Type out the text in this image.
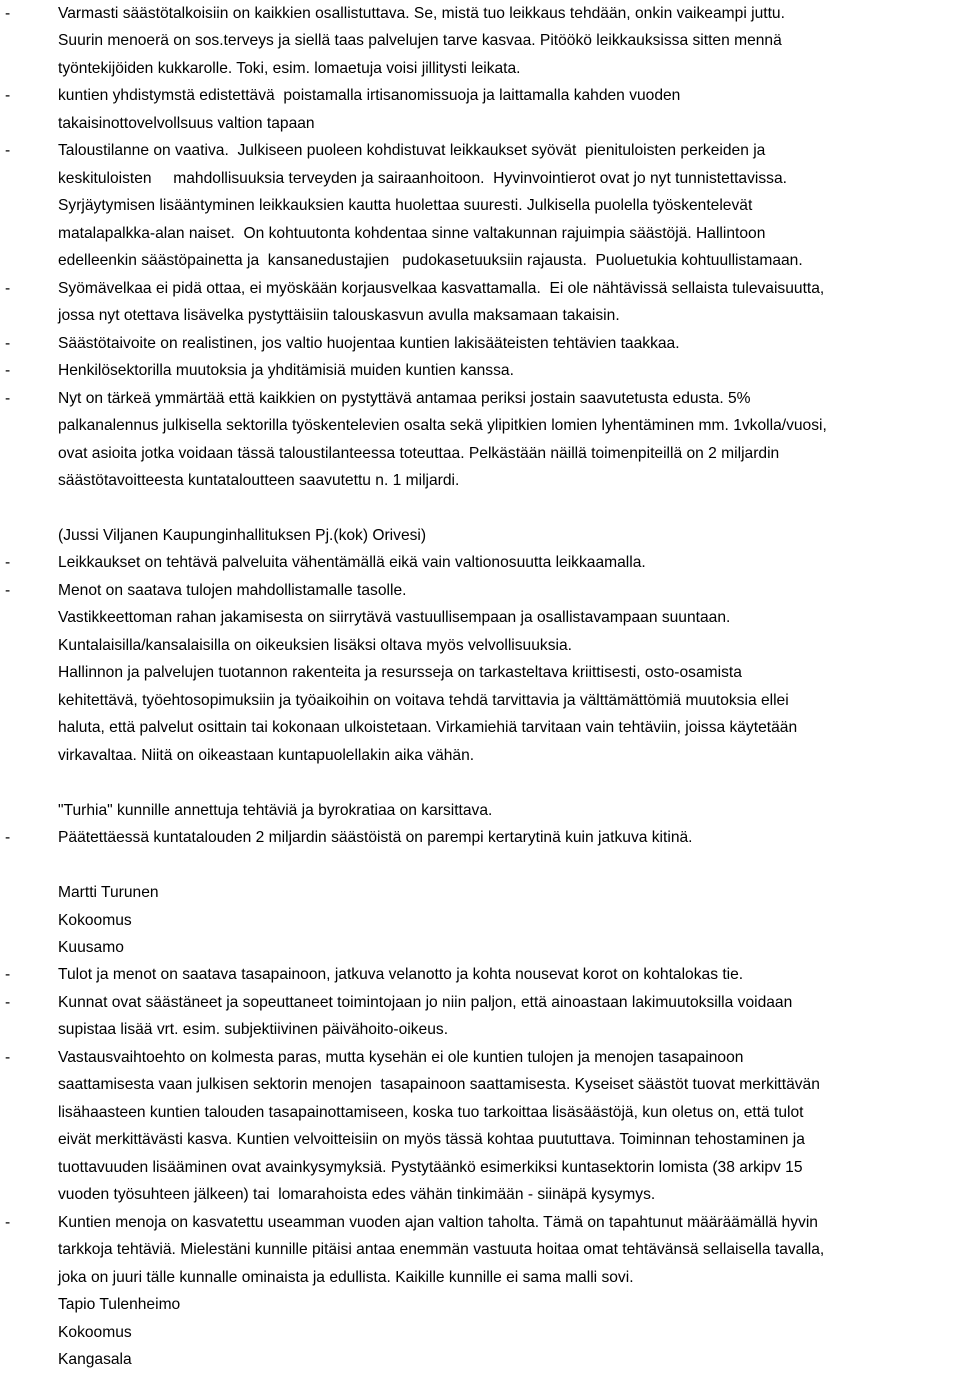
-	Varmasti säästötalkoisiin on kaikkien osallistuttava. Se, mistä tuo leikkaus tehdään, onkin vaikeampi juttu.
Suurin menoerä on sos.terveys ja siellä taas palvelujen tarve kasvaa. Pitöökö leikkauksissa sitten mennä
työntekijöiden kukkarolle. Toki, esim. lomaetuja voisi jillitysti leikata.
-	kuntien yhdistymstä edistettävä  poistamalla irtisanomissuoja ja laittamalla kahden vuoden
takaisinottovelvollsuus valtion tapaan
-	Taloustilanne on vaativa.  Julkiseen puoleen kohdistuvat leikkaukset syövät  pienituloisten perkeiden ja
keskituloisten     mahdollisuuksia terveyden ja sairaanhoitoon.  Hyvinvointierot ovat jo nyt tunnistettavissa.
Syrjäytymisen lisääntyminen leikkauksien kautta huolettaa suuresti. Julkisella puolella työskentelevät
matalapalkka-alan naiset.  On kohtuutonta kohdentaa sinne valtakunnan rajuimpia säästöjä. Hallintoon
edelleenkin säästöpainetta ja  kansanedustajien   pudokasetuuksiin rajausta.  Puoluetukia kohtuullistamaan.
-	Syömävelkaa ei pidä ottaa, ei myöskään korjausvelkaa kasvattamalla.  Ei ole nähtävissä sellaista tulevaisuutta,
jossa nyt otettava lisävelka pystyttäisiin talouskasvun avulla maksamaan takaisin.
-	Säästötaivoite on realistinen, jos valtio huojentaa kuntien lakisääteisten tehtävien taakkaa.
-	Henkilösektorilla muutoksia ja yhditämisiä muiden kuntien kanssa.
-	Nyt on tärkeä ymmärtää että kaikkien on pystyttävä antamaa periksi jostain saavutetusta edusta. 5%
palkanalennus julkisella sektorilla työskentelevien osalta sekä ylipitkien lomien lyhentäminen mm. 1vkolla/vuosi,
ovat asioita jotka voidaan tässä taloustilanteessa toteuttaa. Pelkästään näillä toimenpiteillä on 2 miljardin
säästötavoitteesta kuntataloutteen saavutettu n. 1 miljardi.
(Jussi Viljanen Kaupunginhallituksen Pj.(kok) Orivesi)
-	Leikkaukset on tehtävä palveluita vähentämällä eikä vain valtionosuutta leikkaamalla.
-	Menot on saatava tulojen mahdollistamalle tasolle.
Vastikkeettoman rahan jakamisesta on siirrytävä vastuullisempaan ja osallistavampaan suuntaan.
Kuntalaisilla/kansalaisilla on oikeuksien lisäksi oltava myös velvollisuuksia.
Hallinnon ja palvelujen tuotannon rakenteita ja resursseja on tarkasteltava kriittisesti, osto-osamista
kehitettävä, työehtosopimuksiin ja työaikoihin on voitava tehdä tarvittavia ja välttämättömiä muutoksia ellei
haluta, että palvelut osittain tai kokonaan ulkoistetaan. Virkamiehiä tarvitaan vain tehtäviin, joissa käytetään
virkavaltaa. Niitä on oikeastaan kuntapuolellakin aika vähän.
"Turhia" kunnille annettuja tehtäviä ja byrokratiaa on karsittava.
-	Päätettäessä kuntatalouden 2 miljardin säästöistä on parempi kertarytinä kuin jatkuva kitinä.
Martti Turunen
Kokoomus
Kuusamo
-	Tulot ja menot on saatava tasapainoon, jatkuva velanotto ja kohta nousevat korot on kohtalokas tie.
-	Kunnat ovat säästäneet ja sopeuttaneet toimintojaan jo niin paljon, että ainoastaan lakimuutoksilla voidaan
supistaa lisää vrt. esim. subjektiivinen päivähoito-oikeus.
-	Vastausvaihtoehto on kolmesta paras, mutta kysehän ei ole kuntien tulojen ja menojen tasapainoon
saattamisesta vaan julkisen sektorin menojen  tasapainoon saattamisesta. Kyseiset säästöt tuovat merkittävän
lisähaasteen kuntien talouden tasapainottamiseen, koska tuo tarkoittaa lisäsäästöjä, kun oletus on, että tulot
eivät merkittävästi kasva. Kuntien velvoitteisiin on myös tässä kohtaa puututtava. Toiminnan tehostaminen ja
tuottavuuden lisääminen ovat avainkysymyksiä. Pystytäänkö esimerkiksi kuntasektorin lomista (38 arkipv 15
vuoden työsuhteen jälkeen) tai  lomarahoista edes vähän tinkimään - siinäpä kysymys.
-	Kuntien menoja on kasvatettu useamman vuoden ajan valtion taholta. Tämä on tapahtunut määräämällä hyvin
tarkkoja tehtäviä. Mielestäni kunnille pitäisi antaa enemmän vastuuta hoitaa omat tehtävänsä sellaisella tavalla,
joka on juuri tälle kunnalle ominaista ja edullista. Kaikille kunnille ei sama malli sovi.
Tapio Tulenheimo
Kokoomus
Kangasala
